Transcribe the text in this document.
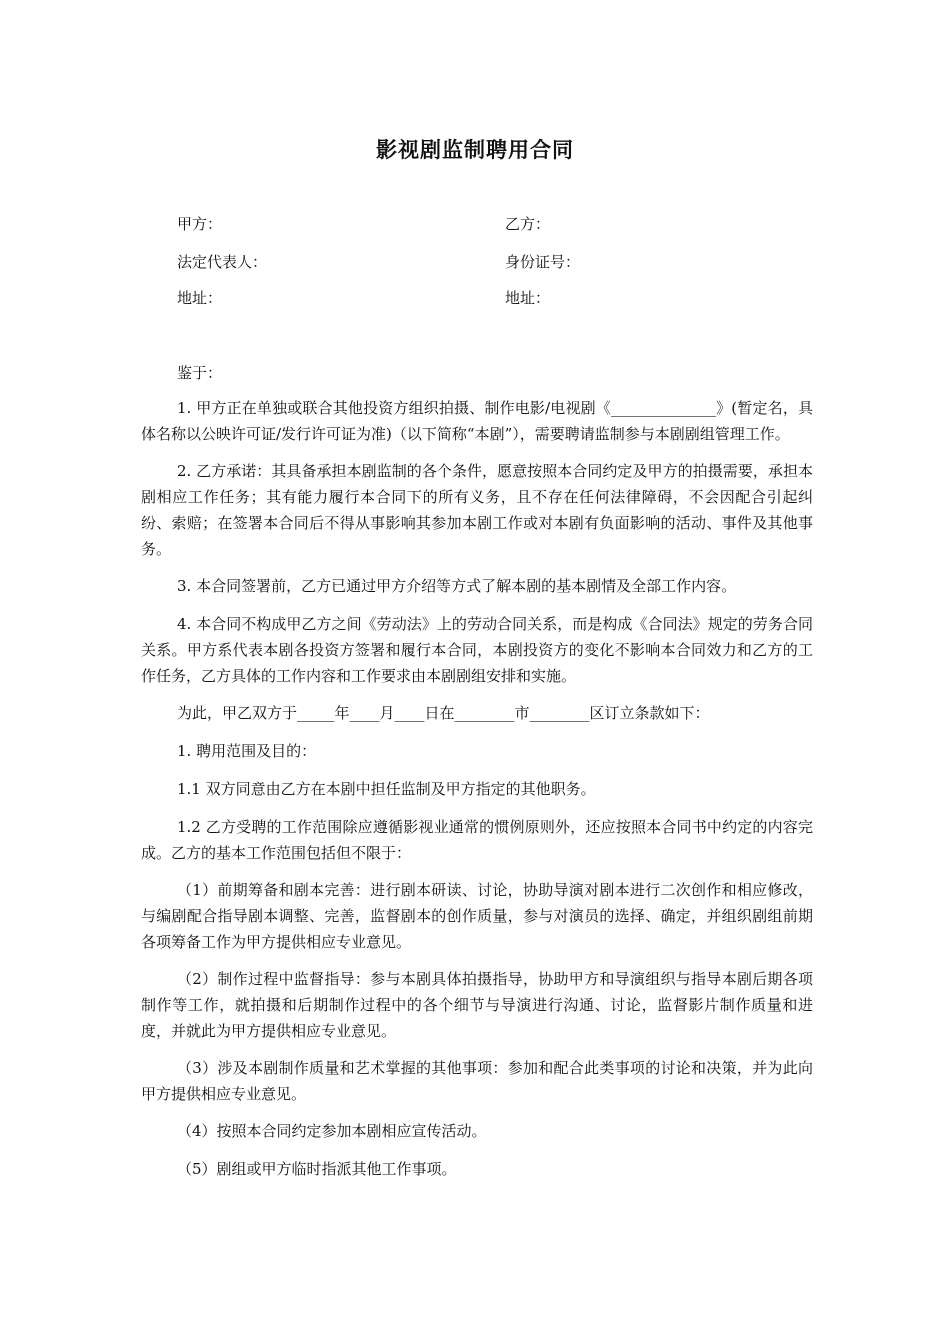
影视剧监制聘用合同
甲方：	乙方：
法定代表人：	身份证号：
地址：	地址：

鉴于：

1. 甲方正在单独或联合其他投资方组织拍摄、制作电影/电视剧《______________》(暂定名，具体名称以公映许可证/发行许可证为准)（以下简称“本剧”），需要聘请监制参与本剧剧组管理工作。

2. 乙方承诺：其具备承担本剧监制的各个条件，愿意按照本合同约定及甲方的拍摄需要，承担本剧相应工作任务；其有能力履行本合同下的所有义务，且不存在任何法律障碍，不会因配合引起纠纷、索赔；在签署本合同后不得从事影响其参加本剧工作或对本剧有负面影响的活动、事件及其他事务。

3. 本合同签署前，乙方已通过甲方介绍等方式了解本剧的基本剧情及全部工作内容。

4. 本合同不构成甲乙方之间《劳动法》上的劳动合同关系，而是构成《合同法》规定的劳务合同关系。甲方系代表本剧各投资方签署和履行本合同，本剧投资方的变化不影响本合同效力和乙方的工作任务，乙方具体的工作内容和工作要求由本剧剧组安排和实施。

为此，甲乙双方于_____年____月____日在________市________区订立条款如下：

1. 聘用范围及目的：

1.1 双方同意由乙方在本剧中担任监制及甲方指定的其他职务。

1.2 乙方受聘的工作范围除应遵循影视业通常的惯例原则外，还应按照本合同书中约定的内容完成。乙方的基本工作范围包括但不限于：

（1）前期筹备和剧本完善：进行剧本研读、讨论，协助导演对剧本进行二次创作和相应修改，与编剧配合指导剧本调整、完善，监督剧本的创作质量，参与对演员的选择、确定，并组织剧组前期各项筹备工作为甲方提供相应专业意见。

（2）制作过程中监督指导：参与本剧具体拍摄指导，协助甲方和导演组织与指导本剧后期各项制作等工作，就拍摄和后期制作过程中的各个细节与导演进行沟通、讨论，监督影片制作质量和进度，并就此为甲方提供相应专业意见。

（3）涉及本剧制作质量和艺术掌握的其他事项：参加和配合此类事项的讨论和决策，并为此向甲方提供相应专业意见。

（4）按照本合同约定参加本剧相应宣传活动。

（5）剧组或甲方临时指派其他工作事项。
